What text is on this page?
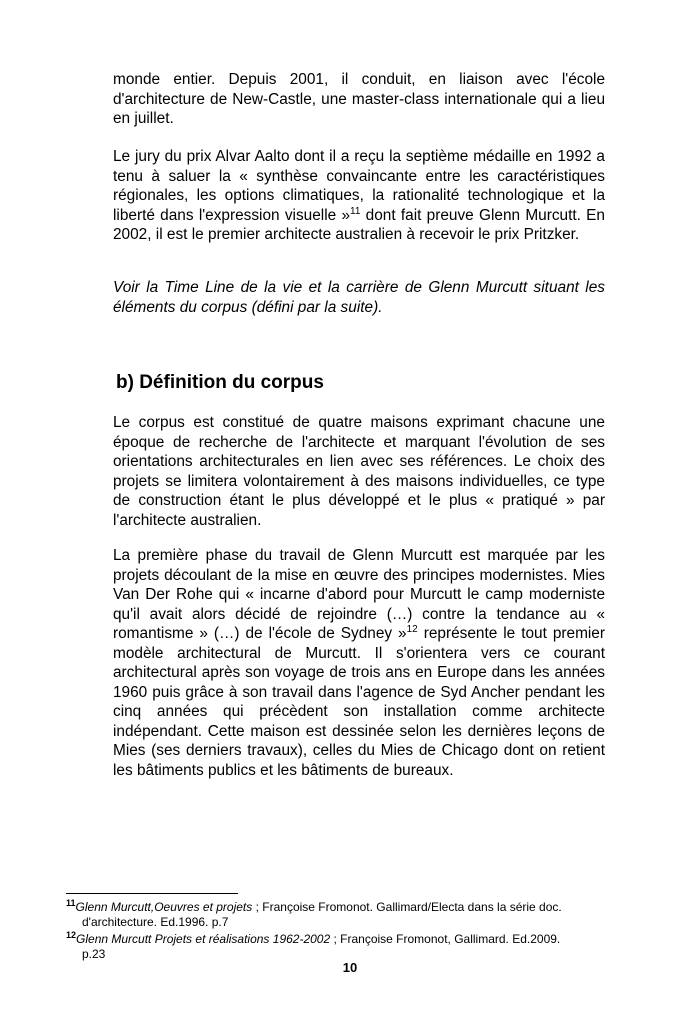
monde entier. Depuis 2001, il conduit, en liaison avec l'école d'architecture de New-Castle, une master-class internationale qui a lieu en juillet.

Le jury du prix Alvar Aalto dont il a reçu la septième médaille en 1992 a tenu à saluer la « synthèse convaincante entre les caractéristiques régionales, les options climatiques, la rationalité technologique et la liberté dans l'expression visuelle »$^{11}$ dont fait preuve Glenn Murcutt. En 2002, il est le premier architecte australien à recevoir le prix Pritzker.

Voir la Time Line de la vie et la carrière de Glenn Murcutt situant les éléments du corpus (défini par la suite).

b) Définition du corpus

Le corpus est constitué de quatre maisons exprimant chacune une époque de recherche de l'architecte et marquant l'évolution de ses orientations architecturales en lien avec ses références. Le choix des projets se limitera volontairement à des maisons individuelles, ce type de construction étant le plus développé et le plus « pratiqué » par l'architecte australien.

La première phase du travail de Glenn Murcutt est marquée par les projets découlant de la mise en œuvre des principes modernistes. Mies Van Der Rohe qui « incarne d'abord pour Murcutt le camp moderniste qu'il avait alors décidé de rejoindre (…) contre la tendance au « romantisme » (…) de l'école de Sydney »$^{12}$ représente le tout premier modèle architectural de Murcutt. Il s'orientera vers ce courant architectural après son voyage de trois ans en Europe dans les années 1960 puis grâce à son travail dans l'agence de Syd Ancher pendant les cinq années qui précèdent son installation comme architecte indépendant. Cette maison est dessinée selon les dernières leçons de Mies (ses derniers travaux), celles du Mies de Chicago dont on retient les bâtiments publics et les bâtiments de bureaux.

$^{11}$Glenn Murcutt,Oeuvres et projets ; Françoise Fromonot. Gallimard/Electa dans la série doc.
d'architecture. Ed.1996. p.7

$^{12}$Glenn Murcutt Projets et réalisations 1962-2002 ; Françoise Fromonot, Gallimard. Ed.2009.
p.23

10
